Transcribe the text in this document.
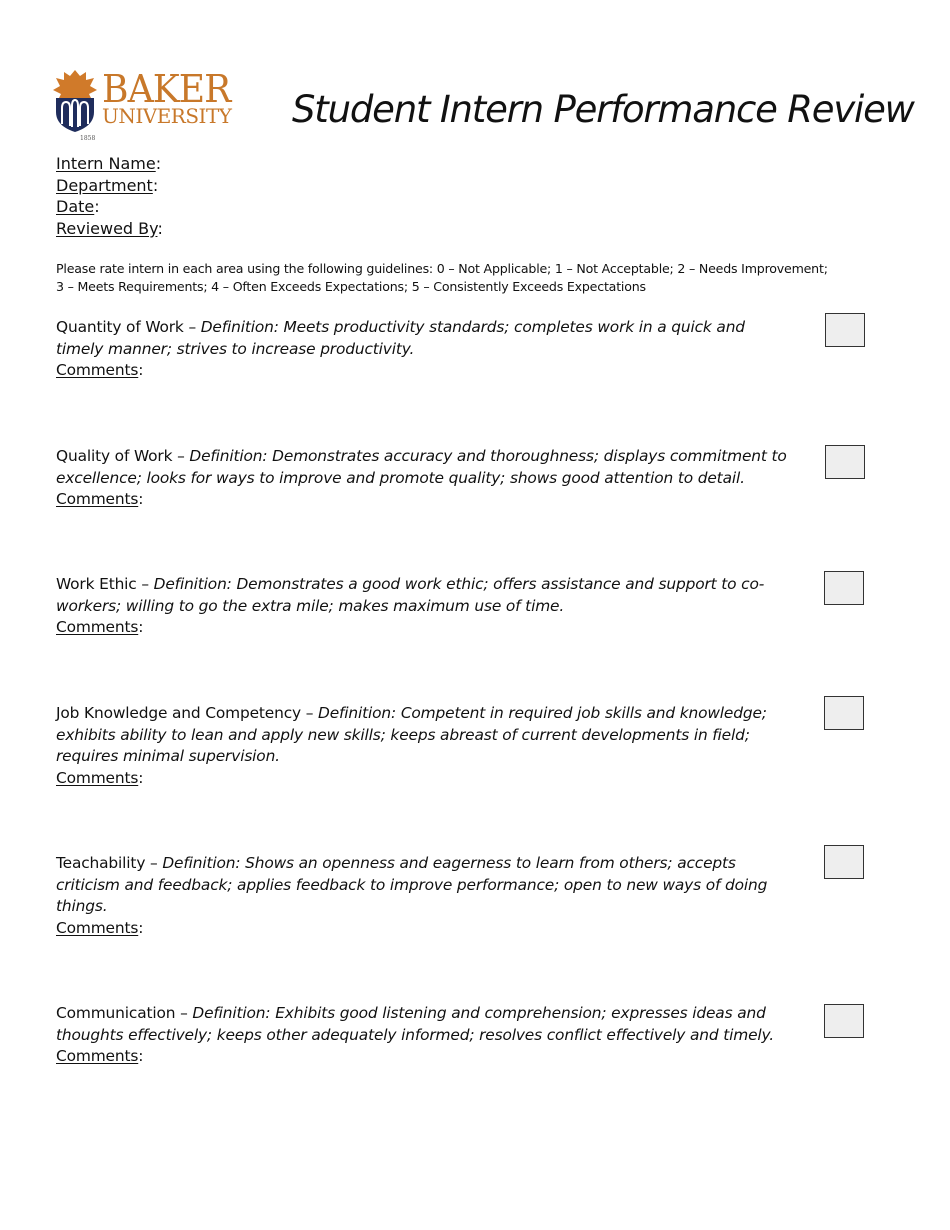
BAKER
UNIVERSITY
1858
Student Intern Performance Review
Intern Name:
Department:
Date:
Reviewed By:
Please rate intern in each area using the following guidelines: 0 – Not Applicable; 1 – Not Acceptable; 2 – Needs Improvement;
3 – Meets Requirements; 4 – Often Exceeds Expectations; 5 – Consistently Exceeds Expectations
Quantity of Work – Definition: Meets productivity standards; completes work in a quick and timely manner; strives to increase productivity.
Comments:
Quality of Work – Definition: Demonstrates accuracy and thoroughness; displays commitment to excellence; looks for ways to improve and promote quality; shows good attention to detail.
Comments:
Work Ethic – Definition: Demonstrates a good work ethic; offers assistance and support to co-workers; willing to go the extra mile; makes maximum use of time.
Comments:
Job Knowledge and Competency – Definition: Competent in required job skills and knowledge; exhibits ability to lean and apply new skills; keeps abreast of current developments in field; requires minimal supervision.
Comments:
Teachability – Definition: Shows an openness and eagerness to learn from others; accepts criticism and feedback; applies feedback to improve performance; open to new ways of doing things.
Comments:
Communication – Definition: Exhibits good listening and comprehension; expresses ideas and thoughts effectively; keeps other adequately informed; resolves conflict effectively and timely.
Comments:
